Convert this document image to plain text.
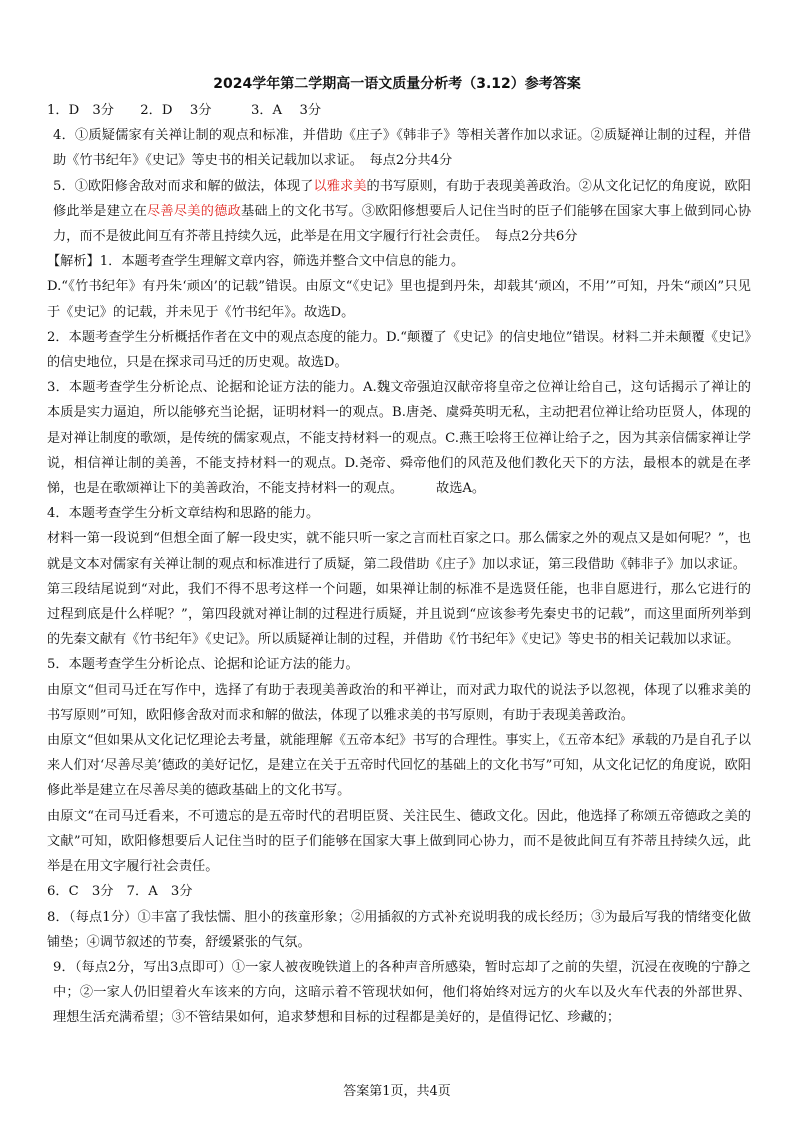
2024学年第二学期高一语文质量分析考（3.12）参考答案

1．D　3分　　2．D　 3分　　　3．A　 3分

4．①质疑儒家有关禅让制的观点和标准，并借助《庄子》《韩非子》等相关著作加以求证。②质疑禅让制的过程，并借助《竹书纪年》《史记》等史书的相关记载加以求证。　每点2分共4分

5．①欧阳修舍敌对而求和解的做法，体现了以雅求美的书写原则，有助于表现美善政治。②从文化记忆的角度说，欧阳修此举是建立在尽善尽美的德政基础上的文化书写。③欧阳修想要后人记住当时的臣子们能够在国家大事上做到同心协力，而不是彼此间互有芥蒂且持续久远，此举是在用文字履行行社会责任。　每点2分共6分

【解析】1．本题考查学生理解文章内容，筛选并整合文中信息的能力。

D.“《竹书纪年》有丹朱‘顽凶’的记载”错误。由原文“《史记》里也提到丹朱，却载其‘顽凶，不用’”可知，丹朱“顽凶”只见于《史记》的记载，并未见于《竹书纪年》。故选D。

2．本题考查学生分析概括作者在文中的观点态度的能力。D.“颠覆了《史记》的信史地位”错误。材料二并未颠覆《史记》的信史地位，只是在探求司马迁的历史观。故选D。

3．本题考查学生分析论点、论据和论证方法的能力。A.魏文帝强迫汉献帝将皇帝之位禅让给自己，这句话揭示了禅让的本质是实力逼迫，所以能够充当论据，证明材料一的观点。B.唐尧、虞舜英明无私，主动把君位禅让给功臣贤人，体现的是对禅让制度的歌颂，是传统的儒家观点，不能支持材料一的观点。C.燕王哙将王位禅让给子之，因为其亲信儒家禅让学说，相信禅让制的美善，不能支持材料一的观点。D.尧帝、舜帝他们的风范及他们教化天下的方法，最根本的就是在孝悌，也是在歌颂禅让下的美善政治，不能支持材料一的观点。　　　故选A。

4．本题考查学生分析文章结构和思路的能力。

材料一第一段说到“但想全面了解一段史实，就不能只听一家之言而杜百家之口。那么儒家之外的观点又是如何呢？”，也就是文本对儒家有关禅让制的观点和标准进行了质疑，第二段借助《庄子》加以求证，第三段借助《韩非子》加以求证。

第三段结尾说到“对此，我们不得不思考这样一个问题，如果禅让制的标准不是选贤任能，也非自愿进行，那么它进行的过程到底是什么样呢？”，第四段就对禅让制的过程进行质疑，并且说到“应该参考先秦史书的记载”，而这里面所列举到的先秦文献有《竹书纪年》《史记》。所以质疑禅让制的过程，并借助《竹书纪年》《史记》等史书的相关记载加以求证。

5．本题考查学生分析论点、论据和论证方法的能力。

由原文“但司马迁在写作中，选择了有助于表现美善政治的和平禅让，而对武力取代的说法予以忽视，体现了以雅求美的书写原则”可知，欧阳修舍敌对而求和解的做法，体现了以雅求美的书写原则，有助于表现美善政治。

由原文“但如果从文化记忆理论去考量，就能理解《五帝本纪》书写的合理性。事实上，《五帝本纪》承载的乃是自孔子以来人们对‘尽善尽美’德政的美好记忆，是建立在关于五帝时代回忆的基础上的文化书写”可知，从文化记忆的角度说，欧阳修此举是建立在尽善尽美的德政基础上的文化书写。

由原文“在司马迁看来，不可遗忘的是五帝时代的君明臣贤、关注民生、德政文化。因此，他选择了称颂五帝德政之美的文献”可知，欧阳修想要后人记住当时的臣子们能够在国家大事上做到同心协力，而不是彼此间互有芥蒂且持续久远，此举是在用文字履行社会责任。

6．C　3分　7．A　3分

8．（每点1分）①丰富了我怯懦、胆小的孩童形象；②用插叙的方式补充说明我的成长经历；③为最后写我的情绪变化做铺垫；④调节叙述的节奏，舒缓紧张的气氛。

9．（每点2分，写出3点即可）①一家人被夜晚铁道上的各种声音所感染，暂时忘却了之前的失望，沉浸在夜晚的宁静之中；②一家人仍旧望着火车该来的方向，这暗示着不管现状如何，他们将始终对远方的火车以及火车代表的外部世界、理想生活充满希望；③不管结果如何，追求梦想和目标的过程都是美好的，是值得记忆、珍藏的；

答案第1页，共4页
